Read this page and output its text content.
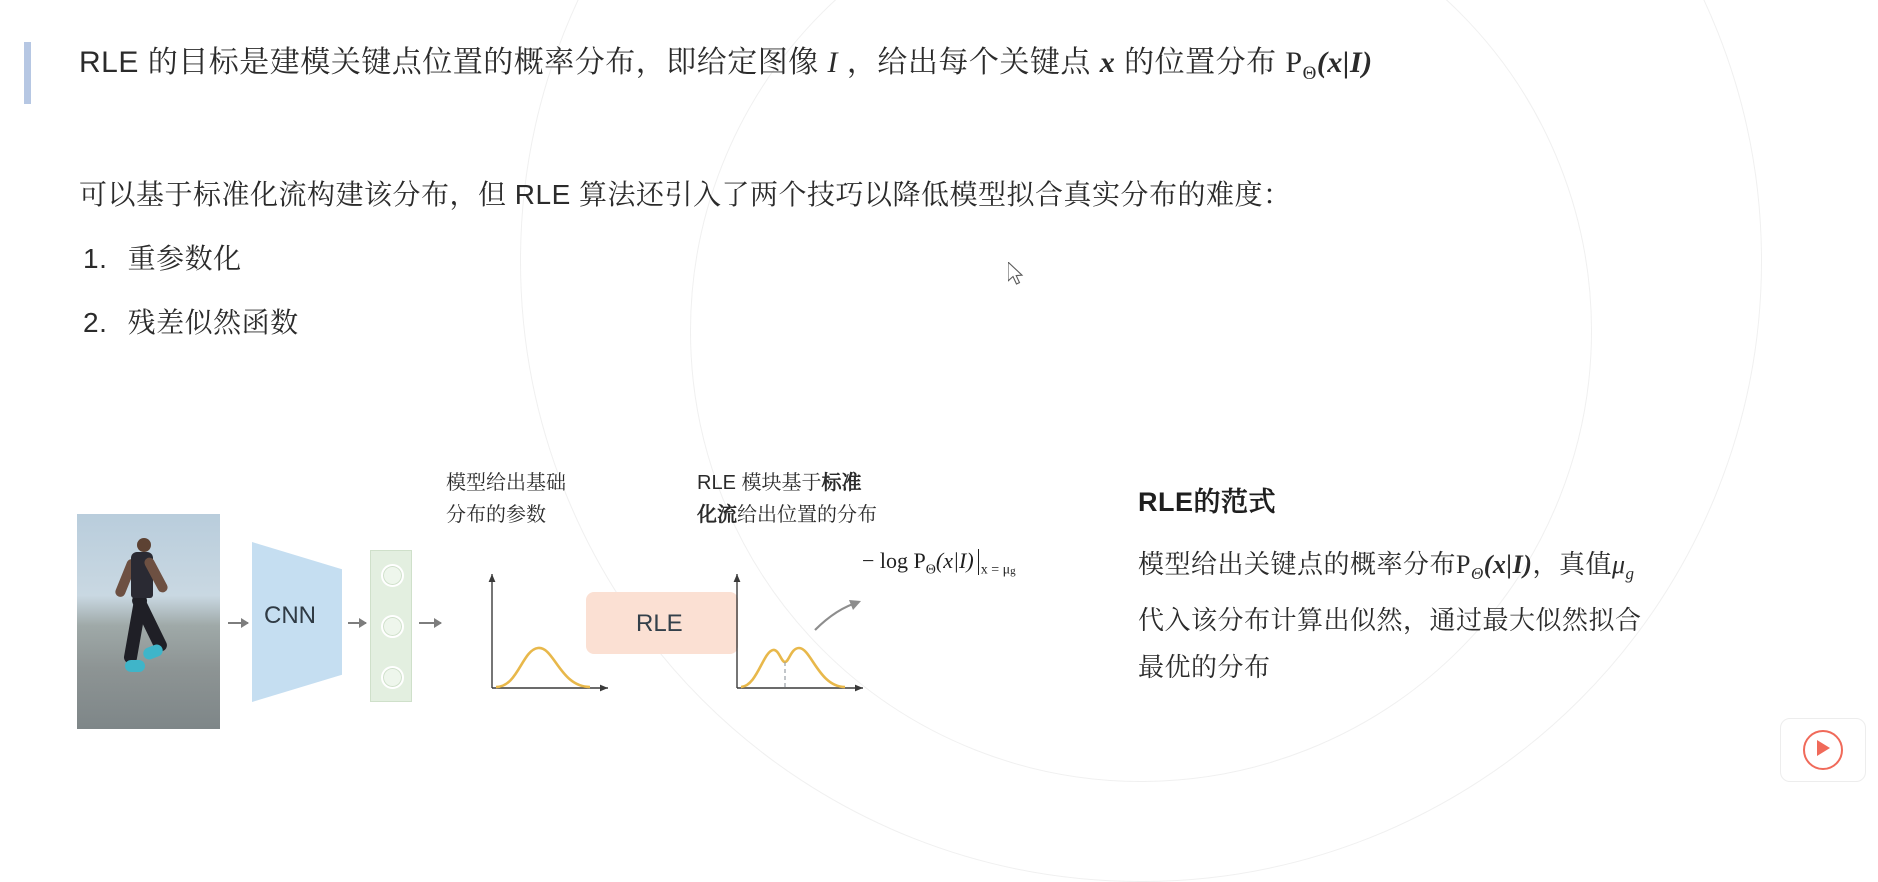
RLE 的目标是建模关键点位置的概率分布，即给定图像 I ，给出每个关键点 x 的位置分布 $P_\Theta(x|I)$
可以基于标准化流构建该分布，但 RLE 算法还引入了两个技巧以降低模型拟合真实分布的难度：
1. 重参数化
2. 残差似然函数
CNN
模型给出基础
分布的参数
RLE 模块基于标准
化流给出位置的分布
RLE
− $\log P_\Theta(x|I)$ $_{x = \mu g}$
RLE的范式
模型给出关键点的概率分布$P_\Theta(x|I)$，真值$\mu_g$
代入该分布计算出似然，通过最大似然拟合
最优的分布
